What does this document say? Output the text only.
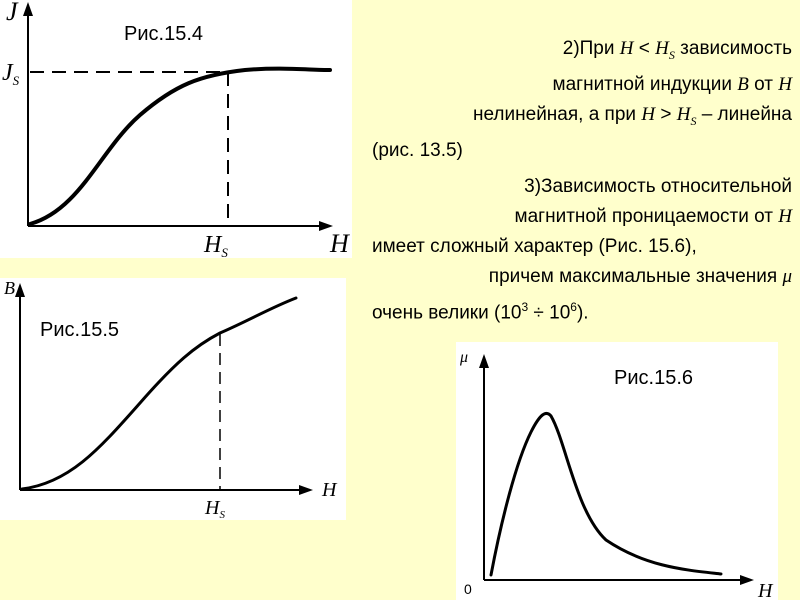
J
H
$J_S$
$H_S$
Рис.15.4
B
H
$H_S$
Рис.15.5
μ
H
0
Рис.15.6
2)При $H < H_S$ зависимость
магнитной индукции B от H
нелинейная, а при $H > H_S$ – линейна
(рис. 13.5)
3)Зависимость относительной
магнитной проницаемости от H
имеет сложный характер (Рис. 15.6),
причем максимальные значения μ
очень велики $(10^3 \div 10^6)$.
